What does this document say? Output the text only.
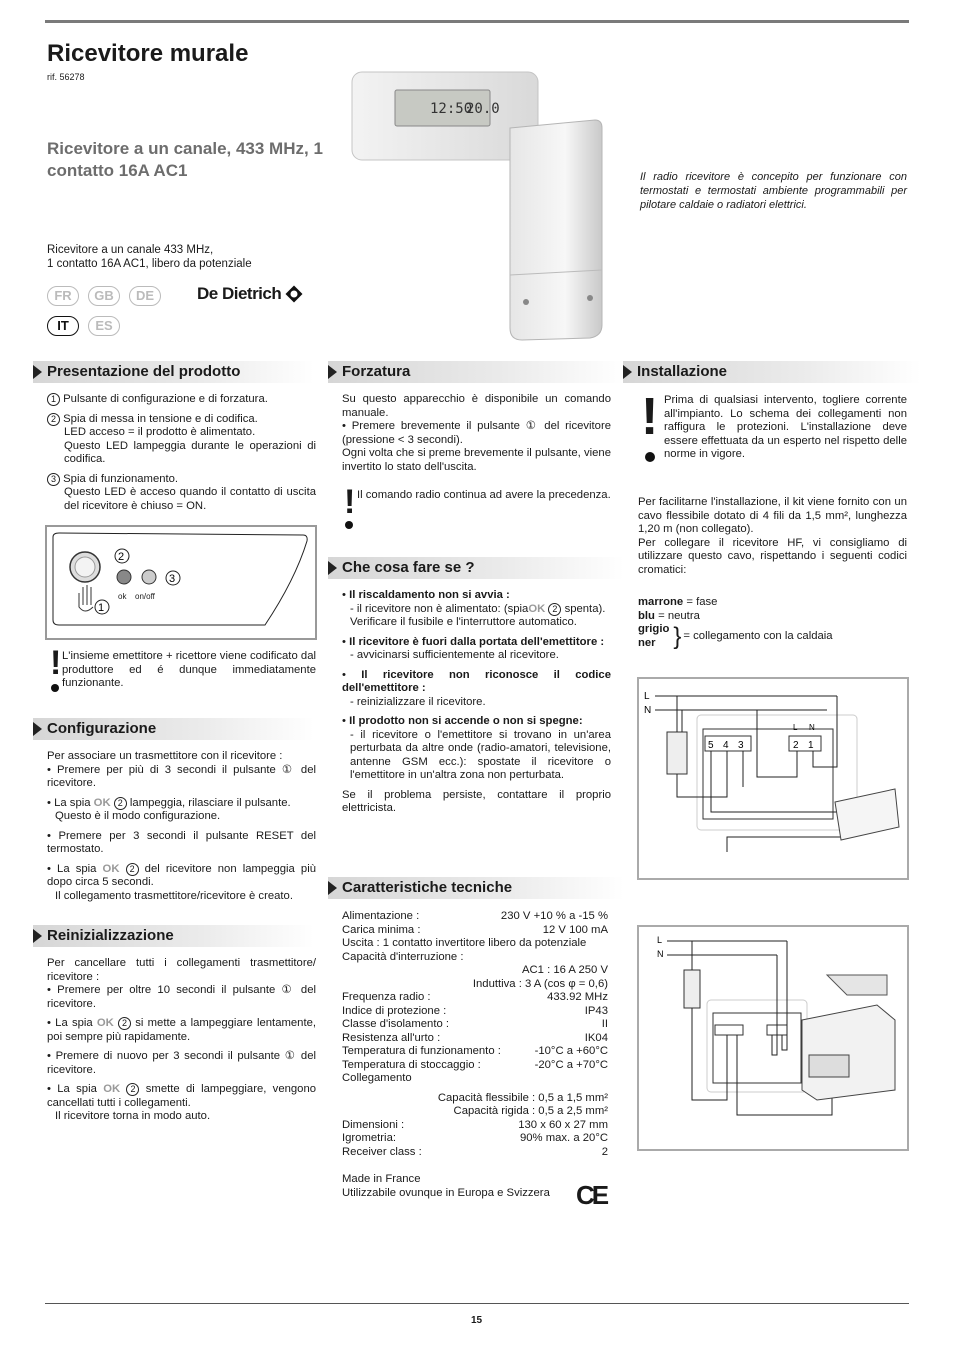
Ricevitore murale
rif. 56278
Ricevitore a un canale, 433 MHz, 1 contatto 16A AC1
Ricevitore a un canale 433 MHz,
1 contatto 16A AC1, libero da potenziale
FR	GB	DE
IT	ES
De Dietrich
12:50
20.0
Il radio ricevitore è concepito per funzionare con termostati e termostati ambiente programmabili per pilotare caldaie o radiatori elettrici.
Presentazione del prodotto

1 Pulsante di configurazione e di forzatura.

2 Spia di messa in tensione e di codifica.

LED acceso = il prodotto è alimentato.

Questo LED lampeggia durante le operazioni di codifica.

3 Spia di funzionamento.

Questo LED è acceso quando il contatto di uscita del ricevitore è chiuso = ON.

2
3
1
ok on/off
! L'insieme emettitore + ricettore viene codificato dal produttore ed é dunque immediatamente funzionante.
Configurazione

Per associare un trasmettitore con il ricevitore :

• Premere per più di 3 secondi il pulsante ① del ricevitore.

• La spia OK 2 lampeggia, rilasciare il pulsante.

Questo è il modo configurazione.

• Premere per 3 secondi il pulsante RESET del termostato.

• La spia OK 2 del ricevitore non lampeggia più dopo circa 5 secondi.

Il collegamento trasmettitore/ricevitore è creato.

Reinizializzazione

Per cancellare tutti i collegamenti trasmettitore/ ricevitore :

• Premere per oltre 10 secondi il pulsante ① del ricevitore.

• La spia OK 2 si mette a lampeggiare lentamente, poi sempre più rapidamente.

• Premere di nuovo per 3 secondi il pulsante ① del ricevitore.

• La spia OK 2 smette di lampeggiare, vengono cancellati tutti i collegamenti.

Il ricevitore torna in modo auto.

Forzatura

Su questo apparecchio è disponibile un comando manuale.

• Premere brevemente il pulsante ① del ricevitore (pressione < 3 secondi).

Ogni volta che si preme brevemente il pulsante, viene invertito lo stato dell'uscita.

! Il comando radio continua ad avere la precedenza.
Che cosa fare se ?

• Il riscaldamento non si avvia :

- il ricevitore non è alimentato: (spiaOK 2 spenta).

Verificare il fusibile e l'interruttore automatico.

• Il ricevitore è fuori dalla portata dell'emettitore :

- avvicinarsi sufficientemente al ricevitore.

• Il ricevitore non riconosce il codice dell'emettitore :

- reinizializzare il ricevitore.

• Il prodotto non si accende o non si spegne:

- il ricevitore o l'emettitore si trovano in un'area perturbata da altre onde (radio-amatori, televisione, antenne GSM ecc.): spostate il ricevitore o l'emettitore in un'altra zona non perturbata.

Se il problema persiste, contattare il proprio elettricista.

Caratteristiche tecniche
Alimentazione :	230 V +10 % a -15 %
Carica minima :	12 V 100 mA
Uscita : 1 contatto invertitore libero da potenziale
Capacità d'interruzione :
AC1 : 16 A 250 V
Induttiva : 3 A (cos φ = 0,6)
Frequenza radio :	433.92 MHz
Indice di protezione :	IP43
Classe d'isolamento :	II
Resistenza all'urto :	IK04
Temperatura di funzionamento :	-10°C a +60°C
Temperatura di stoccaggio :	-20°C a +70°C
Collegamento
Capacità flessibile : 0,5 a 1,5 mm²
Capacità rigida : 0,5 a 2,5 mm²
Dimensioni :	130 x 60 x 27 mm
Igrometria:	90% max. a 20°C
Receiver class :	2
Made in France
Utilizzabile ovunque in Europa e Svizzera	CE
Installazione
! Prima di qualsiasi intervento, togliere corrente all'impianto. Lo schema dei collegamenti non raffigura le protezioni. L'installazione deve essere effettuata da un esperto nel rispetto delle norme in vigore.

Per facilitarne l'installazione, il kit viene fornito con un cavo flessibile dotato di 4 fili da 1,5 mm², lunghezza 1,20 m (non collegato).

Per collegare il ricevitore HF, vi consigliamo di utilizzare questo cavo, rispettando i seguenti codici cromatici:

marrone = fase

blu = neutra

grigio

ner } = collegamento con la caldaia
L
N
5 4 3	2 1
L N
L
N
15
